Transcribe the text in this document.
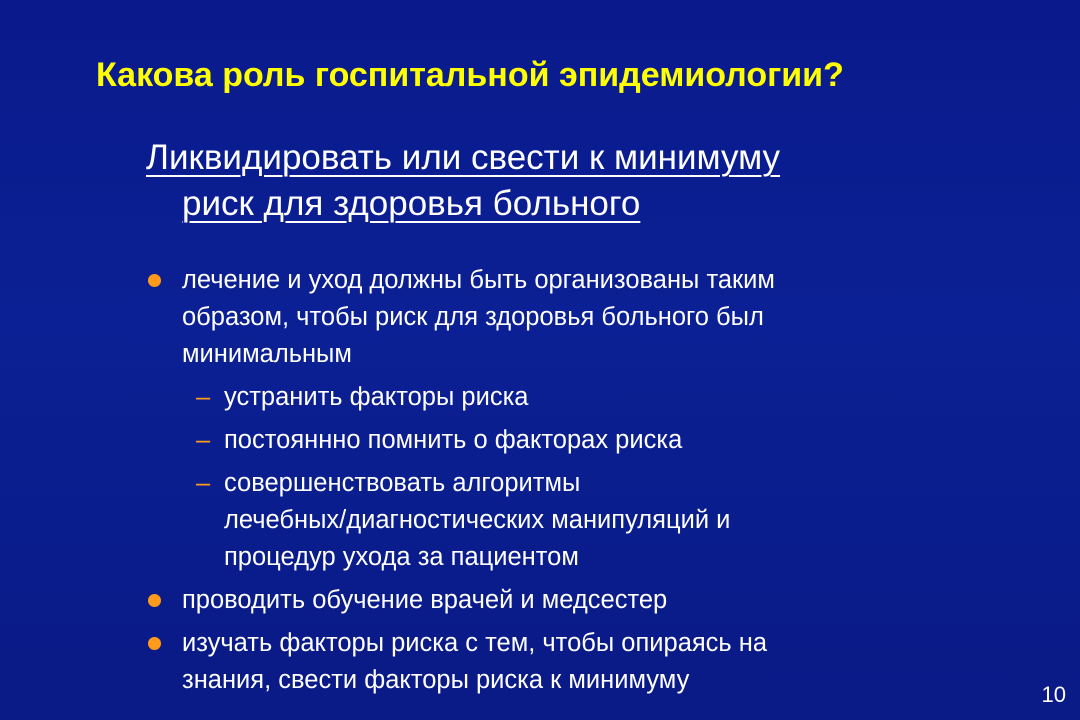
Какова роль госпитальной эпидемиологии?
Ликвидировать или свести к минимуму
риск для здоровья больного
лечение и уход должны быть организованы таким
образом, чтобы риск для здоровья больного был
минимальным
– устранить факторы риска
– постояннно помнить о факторах риска
– совершенствовать алгоритмы
лечебных/диагностических манипуляций и
процедур ухода за пациентом
проводить обучение врачей и медсестер
изучать факторы риска с тем, чтобы опираясь на
знания, свести факторы риска к минимуму
10
